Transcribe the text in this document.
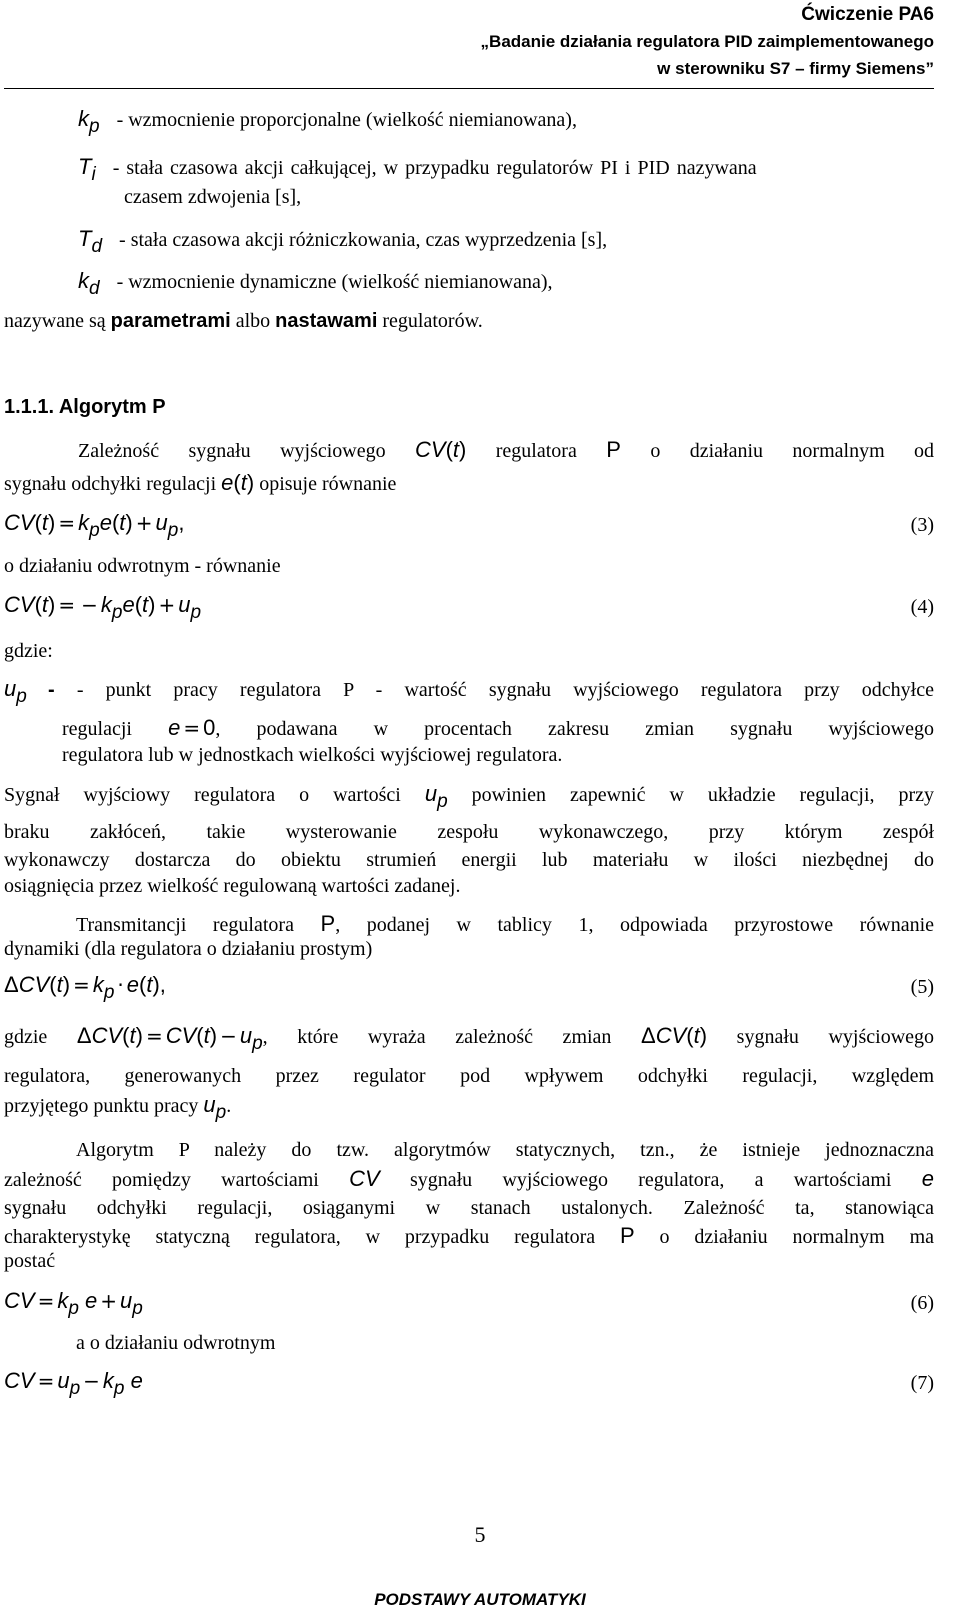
Ćwiczenie PA6
„Badanie działania regulatora PID zaimplementowanego
w sterowniku S7 – firmy Siemens”
kp - wzmocnienie proporcjonalne (wielkość niemianowana),
Ti - stała czasowa akcji całkującej, w przypadku regulatorów PI i PID nazywana
czasem zdwojenia [s],
Td - stała czasowa akcji różniczkowania, czas wyprzedzenia [s],
kd - wzmocnienie dynamiczne (wielkość niemianowana),
nazywane są parametrami albo nastawami regulatorów.
1.1.1. Algorytm P
Zależność sygnału wyjściowego CV(t) regulatora P o działaniu normalnym od
sygnału odchyłki regulacji e(t) opisuje równanie
CV(t) = kpe(t) + up,	(3)
o działaniu odwrotnym - równanie
CV(t) = − kpe(t) + up	(4)
gdzie:
up - - punkt pracy regulatora P - wartość sygnału wyjściowego regulatora przy odchyłce
regulacji e = 0, podawana w procentach zakresu zmian sygnału wyjściowego
regulatora lub w jednostkach wielkości wyjściowej regulatora.
Sygnał wyjściowy regulatora o wartości up powinien zapewnić w układzie regulacji, przy
braku zakłóceń, takie wysterowanie zespołu wykonawczego, przy którym zespół
wykonawczy dostarcza do obiektu strumień energii lub materiału w ilości niezbędnej do
osiągnięcia przez wielkość regulowaną wartości zadanej.
Transmitancji regulatora P, podanej w tablicy 1, odpowiada przyrostowe równanie
dynamiki (dla regulatora o działaniu prostym)
ΔCV(t) = kp · e(t),	(5)
gdzie ΔCV(t) = CV(t) − up, które wyraża zależność zmian ΔCV(t) sygnału wyjściowego
regulatora, generowanych przez regulator pod wpływem odchyłki regulacji, względem
przyjętego punktu pracy up.
Algorytm P należy do tzw. algorytmów statycznych, tzn., że istnieje jednoznaczna
zależność pomiędzy wartościami CV sygnału wyjściowego regulatora, a wartościami e
sygnału odchyłki regulacji, osiąganymi w stanach ustalonych. Zależność ta, stanowiąca
charakterystykę statyczną regulatora, w przypadku regulatora P o działaniu normalnym ma
postać
CV = kp e + up	(6)
a o działaniu odwrotnym
CV = up − kp e	(7)
5
PODSTAWY AUTOMATYKI
